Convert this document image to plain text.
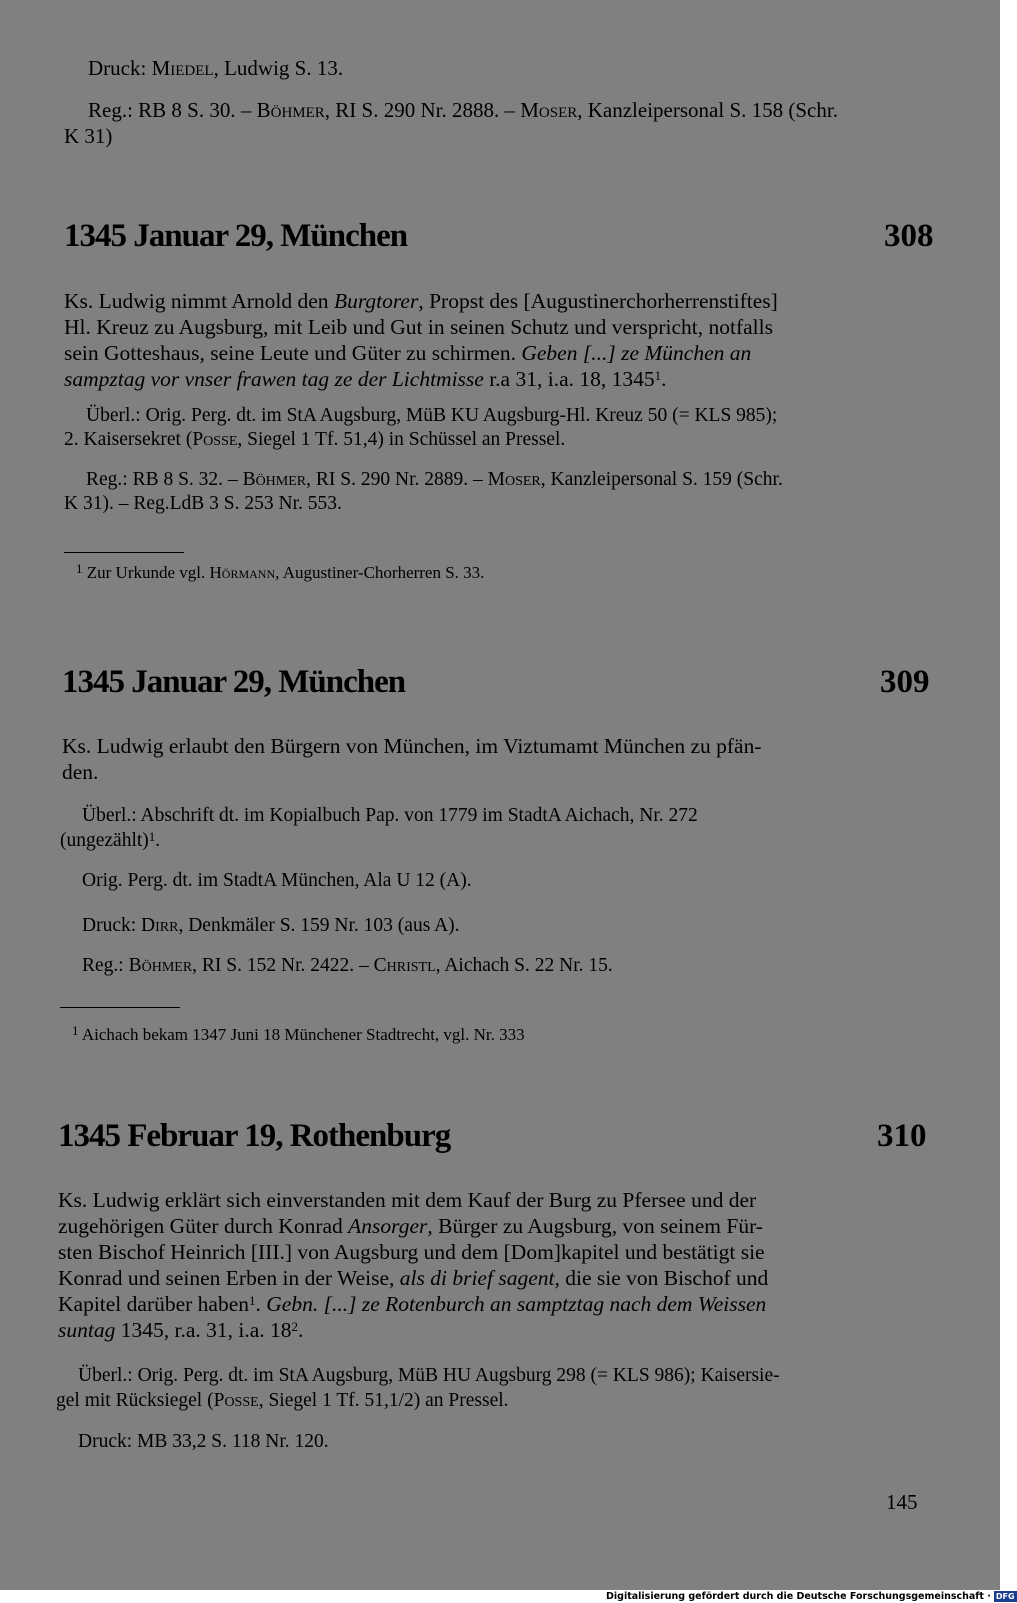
Druck: Miedel, Ludwig S. 13.
Reg.: RB 8 S. 30. – Böhmer, RI S. 290 Nr. 2888. – Moser, Kanzleipersonal S. 158 (Schr.
K 31)
1345 Januar 29, München	308
Ks. Ludwig nimmt Arnold den Burgtorer, Propst des [Augustinerchorherrenstiftes]
Hl. Kreuz zu Augsburg, mit Leib und Gut in seinen Schutz und verspricht, notfalls
sein Gotteshaus, seine Leute und Güter zu schirmen. Geben [...] ze München an
sampztag vor vnser frawen tag ze der Lichtmisse r.a 31, i.a. 18, 1345$^1$.
Überl.: Orig. Perg. dt. im StA Augsburg, MüB KU Augsburg-Hl. Kreuz 50 (= KLS 985);
2. Kaisersekret (Posse, Siegel 1 Tf. 51,4) in Schüssel an Pressel.
Reg.: RB 8 S. 32. – Böhmer, RI S. 290 Nr. 2889. – Moser, Kanzleipersonal S. 159 (Schr.
K 31). – Reg.LdB 3 S. 253 Nr. 553.
$^1$ Zur Urkunde vgl. Hörmann, Augustiner-Chorherren S. 33.
1345 Januar 29, München	309
Ks. Ludwig erlaubt den Bürgern von München, im Viztumamt München zu pfän-
den.
Überl.: Abschrift dt. im Kopialbuch Pap. von 1779 im StadtA Aichach, Nr. 272
(ungezählt)$^1$.
Orig. Perg. dt. im StadtA München, Ala U 12 (A).
Druck: Dirr, Denkmäler S. 159 Nr. 103 (aus A).
Reg.: Böhmer, RI S. 152 Nr. 2422. – Christl, Aichach S. 22 Nr. 15.
$^1$ Aichach bekam 1347 Juni 18 Münchener Stadtrecht, vgl. Nr. 333
1345 Februar 19, Rothenburg	310
Ks. Ludwig erklärt sich einverstanden mit dem Kauf der Burg zu Pfersee und der
zugehörigen Güter durch Konrad Ansorger, Bürger zu Augsburg, von seinem Für-
sten Bischof Heinrich [III.] von Augsburg und dem [Dom]kapitel und bestätigt sie
Konrad und seinen Erben in der Weise, als di brief sagent, die sie von Bischof und
Kapitel darüber haben$^1$. Gebn. [...] ze Rotenburch an samptztag nach dem Weissen
suntag 1345, r.a. 31, i.a. $18^2$.
Überl.: Orig. Perg. dt. im StA Augsburg, MüB HU Augsburg 298 (= KLS 986); Kaisersie-
gel mit Rücksiegel (Posse, Siegel 1 Tf. 51,1/2) an Pressel.
Druck: MB 33,2 S. 118 Nr. 120.
145
Digitalisierung gefördert durch die Deutsche Forschungsgemeinschaft · DFG
